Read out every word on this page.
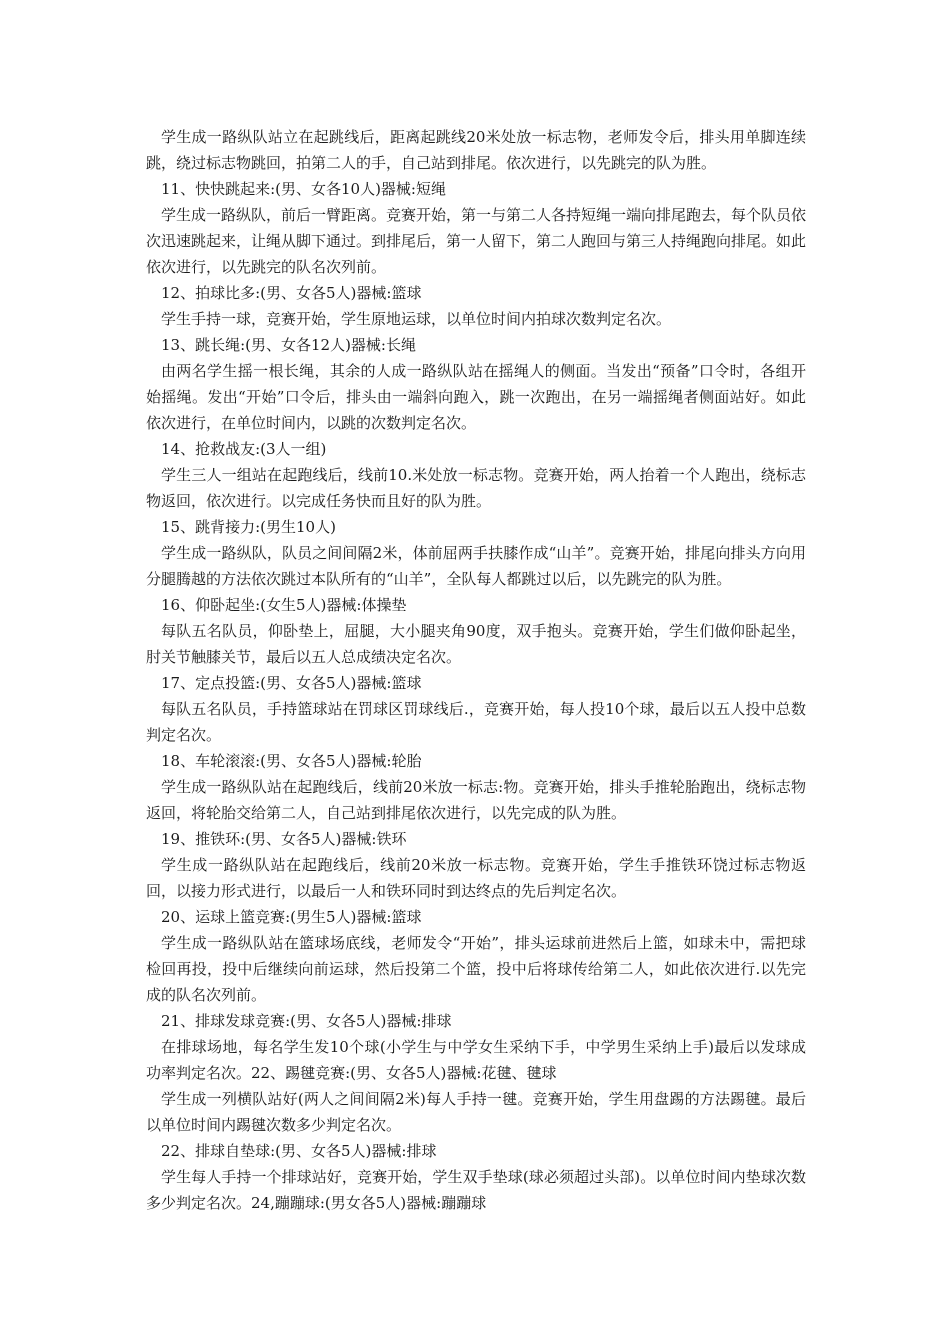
学生成一路纵队站立在起跳线后，距离起跳线20米处放一标志物，老师发令后，排头用单脚连续跳，绕过标志物跳回，拍第二人的手，自己站到排尾。依次进行，以先跳完的队为胜。

11、快快跳起来:(男、女各10人)器械:短绳

学生成一路纵队，前后一臂距离。竞赛开始，第一与第二人各持短绳一端向排尾跑去，每个队员依次迅速跳起来，让绳从脚下通过。到排尾后，第一人留下，第二人跑回与第三人持绳跑向排尾。如此依次进行，以先跳完的队名次列前。

12、拍球比多:(男、女各5人)器械:篮球

学生手持一球，竞赛开始，学生原地运球，以单位时间内拍球次数判定名次。

13、跳长绳:(男、女各12人)器械:长绳

由两名学生摇一根长绳，其余的人成一路纵队站在摇绳人的侧面。当发出“预备”口令时，各组开始摇绳。发出“开始”口令后，排头由一端斜向跑入，跳一次跑出，在另一端摇绳者侧面站好。如此依次进行，在单位时间内，以跳的次数判定名次。

14、抢救战友:(3人一组)

学生三人一组站在起跑线后，线前10.米处放一标志物。竞赛开始，两人抬着一个人跑出，绕标志物返回，依次进行。以完成任务快而且好的队为胜。

15、跳背接力:(男生10人)

学生成一路纵队，队员之间间隔2米，体前屈两手扶膝作成“山羊”。竞赛开始，排尾向排头方向用分腿腾越的方法依次跳过本队所有的“山羊”，全队每人都跳过以后，以先跳完的队为胜。

16、仰卧起坐:(女生5人)器械:体操垫

每队五名队员，仰卧垫上，屈腿，大小腿夹角90度，双手抱头。竞赛开始，学生们做仰卧起坐，肘关节触膝关节，最后以五人总成绩决定名次。

17、定点投篮:(男、女各5人)器械:篮球

每队五名队员，手持篮球站在罚球区罚球线后.，竞赛开始，每人投10个球，最后以五人投中总数判定名次。

18、车轮滚滚:(男、女各5人)器械:轮胎

学生成一路纵队站在起跑线后，线前20米放一标志:物。竞赛开始，排头手推轮胎跑出，绕标志物返回，将轮胎交给第二人，自己站到排尾依次进行，以先完成的队为胜。

19、推铁环:(男、女各5人)器械:铁环

学生成一路纵队站在起跑线后，线前20米放一标志物。竞赛开始，学生手推铁环饶过标志物返回，以接力形式进行，以最后一人和铁环同时到达终点的先后判定名次。

20、运球上篮竞赛:(男生5人)器械:篮球

学生成一路纵队站在篮球场底线，老师发令“开始”，排头运球前进然后上篮，如球未中，需把球检回再投，投中后继续向前运球，然后投第二个篮，投中后将球传给第二人，如此依次进行.以先完成的队名次列前。

21、排球发球竞赛:(男、女各5人)器械:排球

在排球场地，每名学生发10个球(小学生与中学女生采纳下手，中学男生采纳上手)最后以发球成功率判定名次。22、踢毽竞赛:(男、女各5人)器械:花毽、毽球

学生成一列横队站好(两人之间间隔2米)每人手持一毽。竞赛开始，学生用盘踢的方法踢毽。最后以单位时间内踢毽次数多少判定名次。

22、排球自垫球:(男、女各5人)器械:排球

学生每人手持一个排球站好，竞赛开始，学生双手垫球(球必须超过头部)。以单位时间内垫球次数多少判定名次。24,蹦蹦球:(男女各5人)器械:蹦蹦球
